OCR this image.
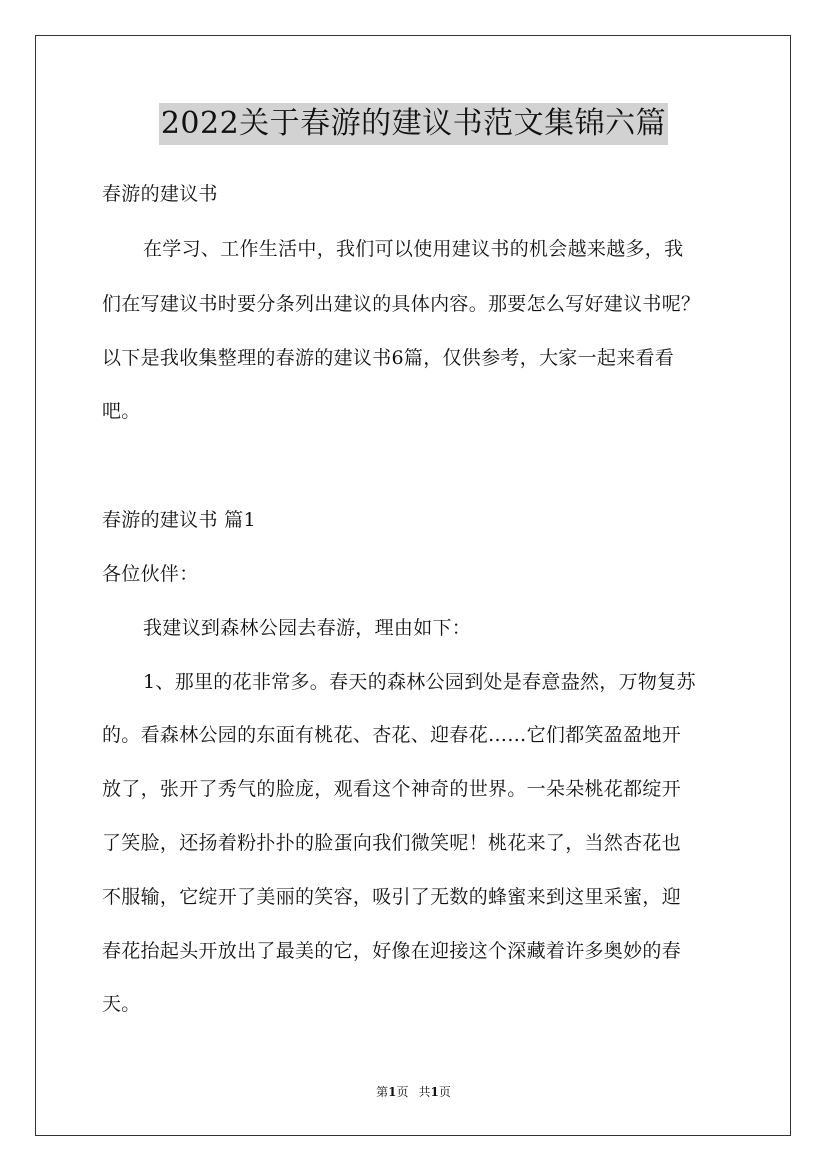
2022关于春游的建议书范文集锦六篇
春游的建议书
在学习、工作生活中，我们可以使用建议书的机会越来越多，我
们在写建议书时要分条列出建议的具体内容。那要怎么写好建议书呢？
以下是我收集整理的春游的建议书6篇，仅供参考，大家一起来看看
吧。
春游的建议书 篇1
各位伙伴：
我建议到森林公园去春游，理由如下：
1、那里的花非常多。春天的森林公园到处是春意盎然，万物复苏
的。看森林公园的东面有桃花、杏花、迎春花……它们都笑盈盈地开
放了，张开了秀气的脸庞，观看这个神奇的世界。一朵朵桃花都绽开
了笑脸，还扬着粉扑扑的脸蛋向我们微笑呢！桃花来了，当然杏花也
不服输，它绽开了美丽的笑容，吸引了无数的蜂蜜来到这里采蜜，迎
春花抬起头开放出了最美的它，好像在迎接这个深藏着许多奥妙的春
天。
第1页 共1页
